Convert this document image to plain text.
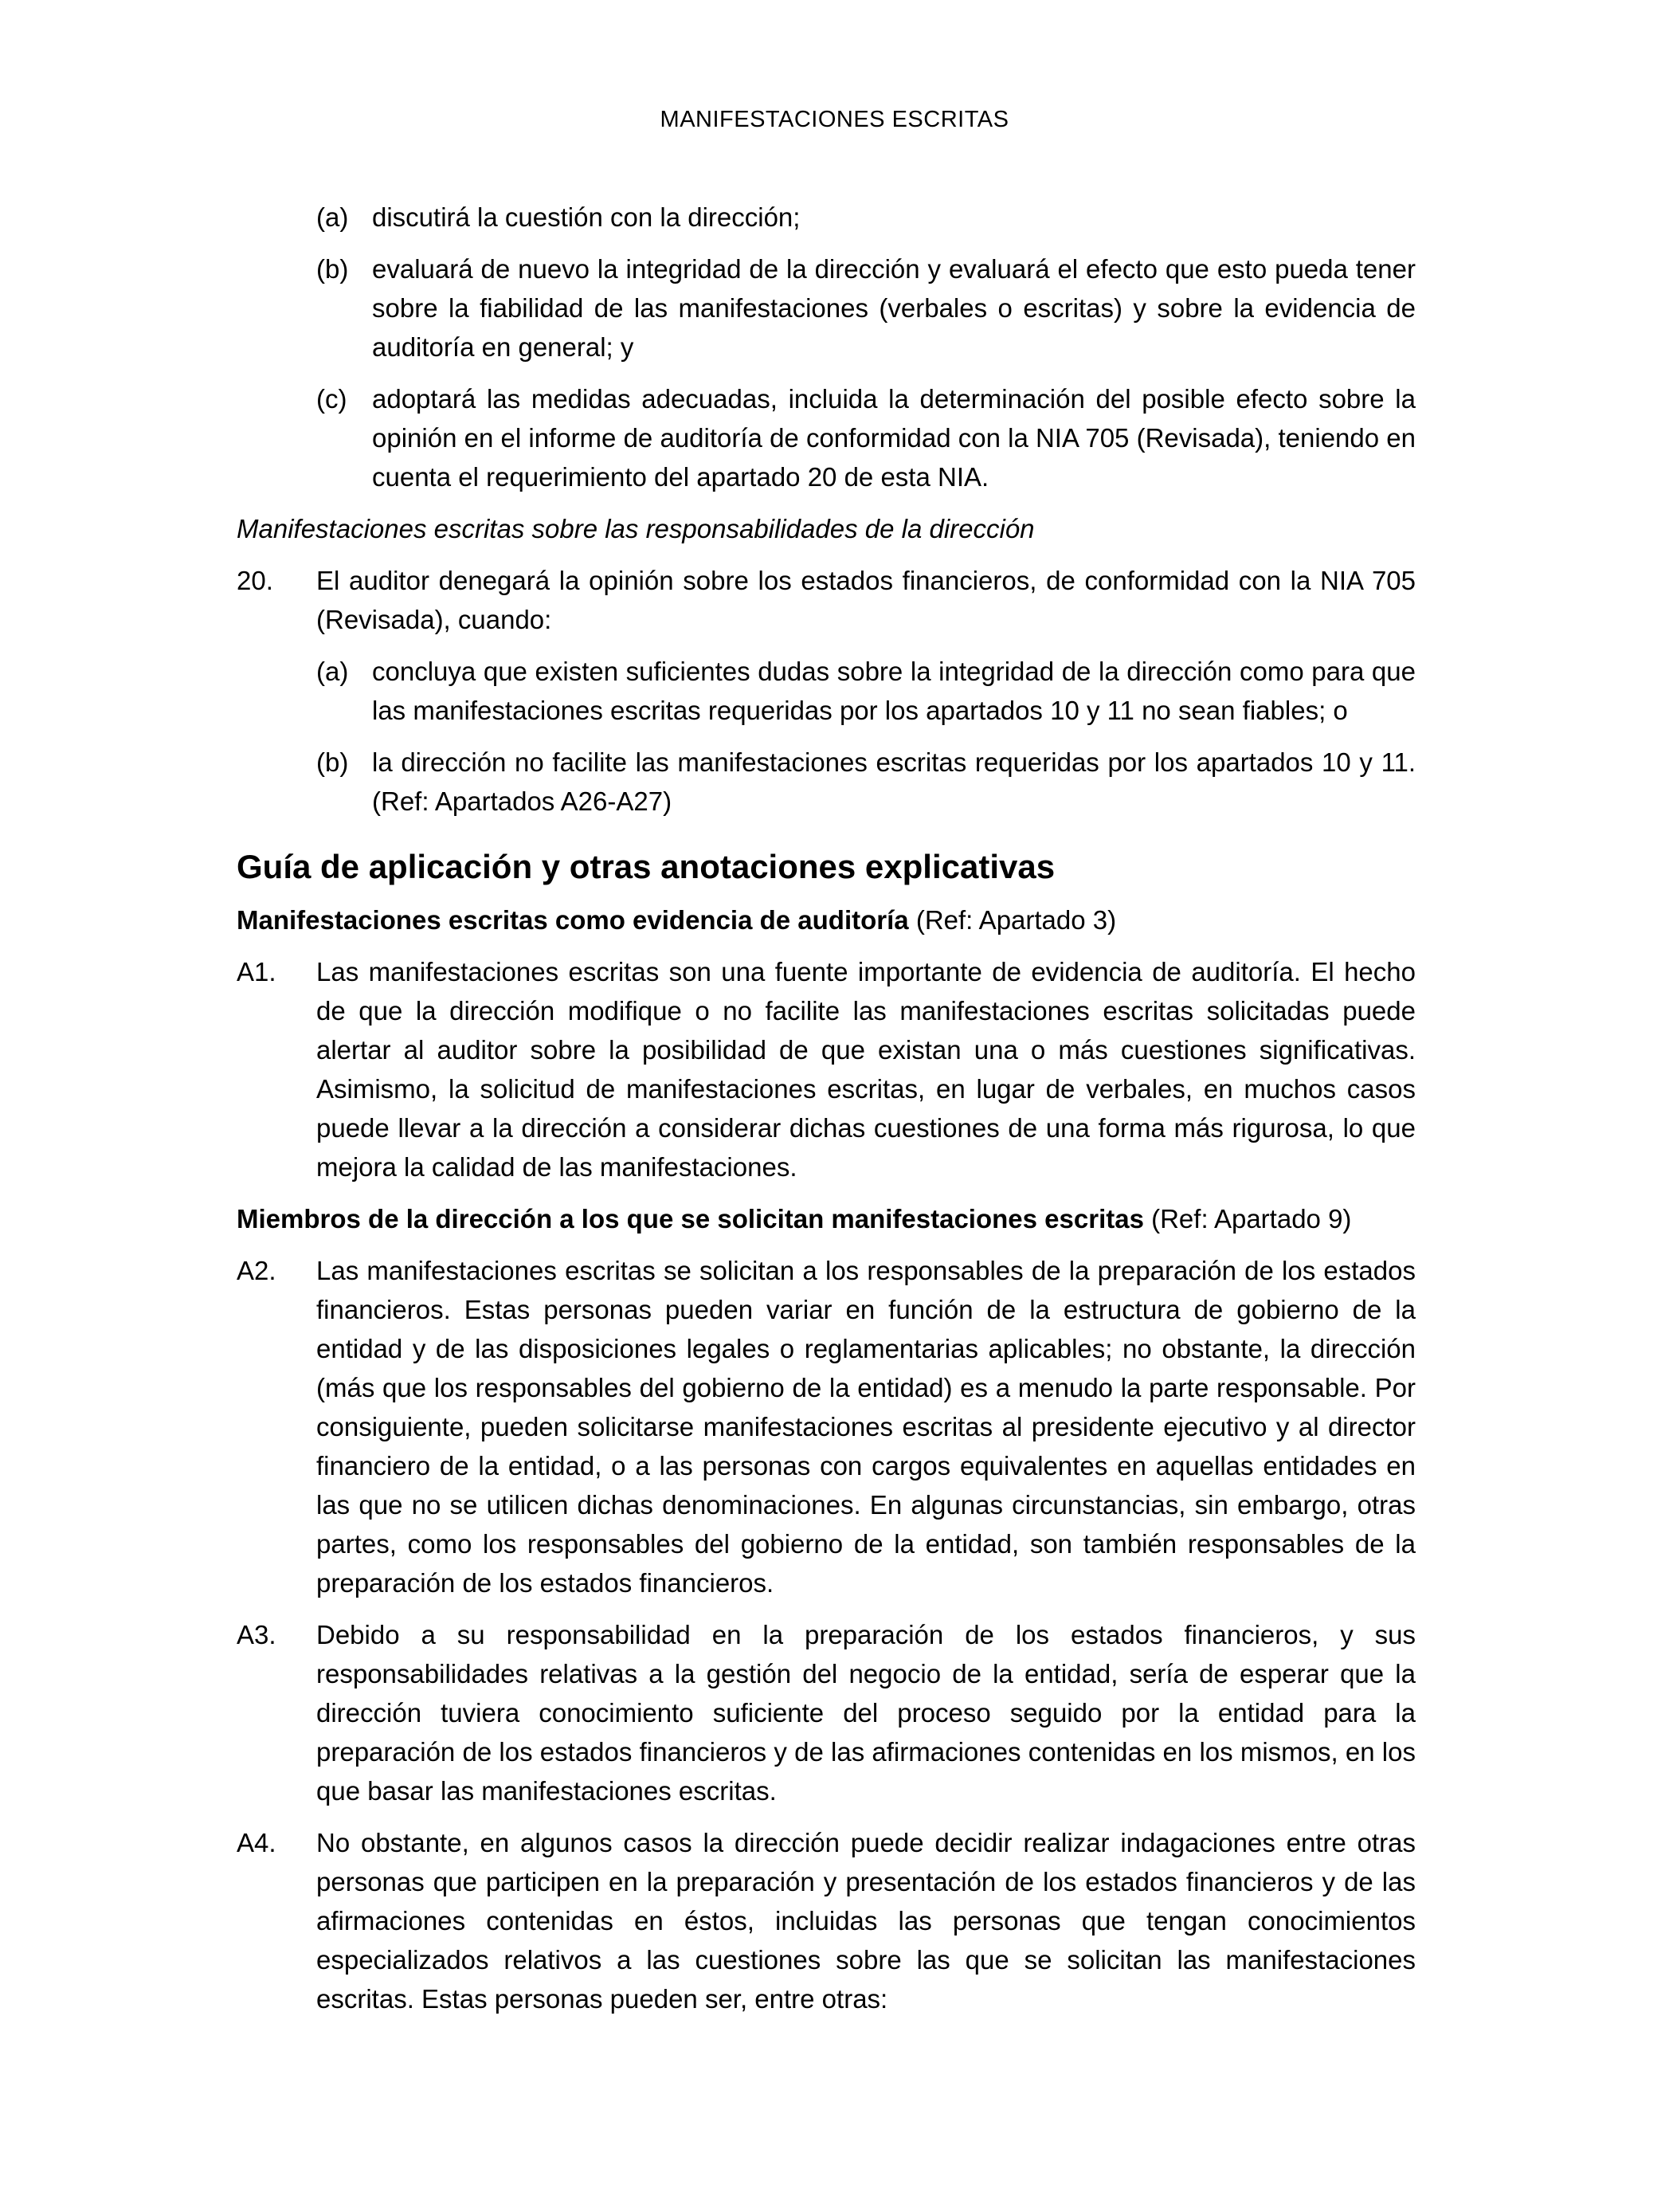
MANIFESTACIONES ESCRITAS
(a) discutirá la cuestión con la dirección;
(b) evaluará de nuevo la integridad de la dirección y evaluará el efecto que esto pueda tener sobre la fiabilidad de las manifestaciones (verbales o escritas) y sobre la evidencia de auditoría en general; y
(c) adoptará las medidas adecuadas, incluida la determinación del posible efecto sobre la opinión en el informe de auditoría de conformidad con la NIA 705 (Revisada), teniendo en cuenta el requerimiento del apartado 20 de esta NIA.
Manifestaciones escritas sobre las responsabilidades de la dirección
20. El auditor denegará la opinión sobre los estados financieros, de conformidad con la NIA 705 (Revisada), cuando:
(a) concluya que existen suficientes dudas sobre la integridad de la dirección como para que las manifestaciones escritas requeridas por los apartados 10 y 11 no sean fiables; o
(b) la dirección no facilite las manifestaciones escritas requeridas por los apartados 10 y 11. (Ref: Apartados A26-A27)
Guía de aplicación y otras anotaciones explicativas
Manifestaciones escritas como evidencia de auditoría (Ref: Apartado 3)
A1. Las manifestaciones escritas son una fuente importante de evidencia de auditoría. El hecho de que la dirección modifique o no facilite las manifestaciones escritas solicitadas puede alertar al auditor sobre la posibilidad de que existan una o más cuestiones significativas. Asimismo, la solicitud de manifestaciones escritas, en lugar de verbales, en muchos casos puede llevar a la dirección a considerar dichas cuestiones de una forma más rigurosa, lo que mejora la calidad de las manifestaciones.
Miembros de la dirección a los que se solicitan manifestaciones escritas (Ref: Apartado 9)
A2. Las manifestaciones escritas se solicitan a los responsables de la preparación de los estados financieros. Estas personas pueden variar en función de la estructura de gobierno de la entidad y de las disposiciones legales o reglamentarias aplicables; no obstante, la dirección (más que los responsables del gobierno de la entidad) es a menudo la parte responsable. Por consiguiente, pueden solicitarse manifestaciones escritas al presidente ejecutivo y al director financiero de la entidad, o a las personas con cargos equivalentes en aquellas entidades en las que no se utilicen dichas denominaciones. En algunas circunstancias, sin embargo, otras partes, como los responsables del gobierno de la entidad, son también responsables de la preparación de los estados financieros.
A3. Debido a su responsabilidad en la preparación de los estados financieros, y sus responsabilidades relativas a la gestión del negocio de la entidad, sería de esperar que la dirección tuviera conocimiento suficiente del proceso seguido por la entidad para la preparación de los estados financieros y de las afirmaciones contenidas en los mismos, en los que basar las manifestaciones escritas.
A4. No obstante, en algunos casos la dirección puede decidir realizar indagaciones entre otras personas que participen en la preparación y presentación de los estados financieros y de las afirmaciones contenidas en éstos, incluidas las personas que tengan conocimientos especializados relativos a las cuestiones sobre las que se solicitan las manifestaciones escritas. Estas personas pueden ser, entre otras:
